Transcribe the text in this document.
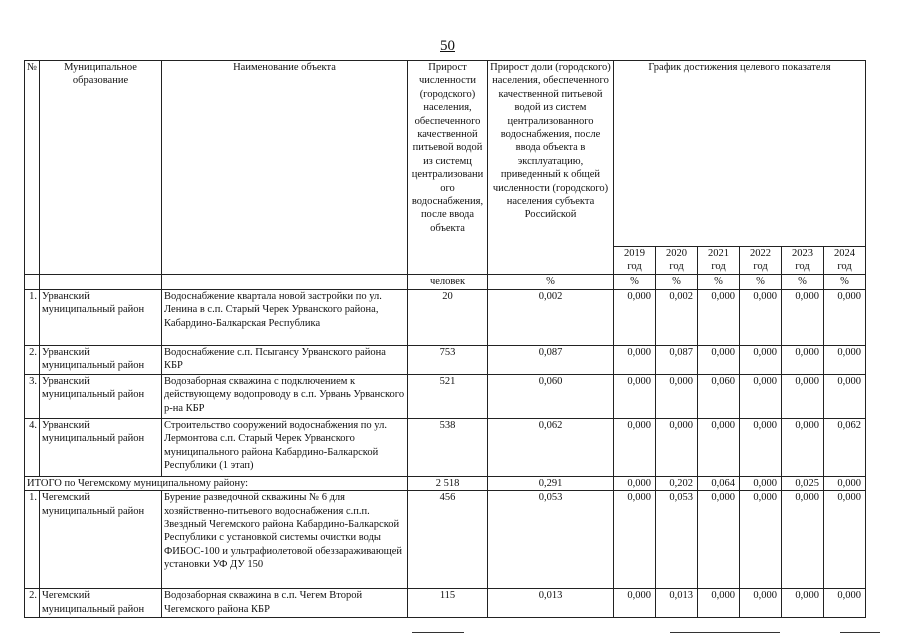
50
№	Муниципальное образование	Наименование объекта	Прирост численности (городского) населения, обеспеченного качественной питьевой водой из системц централизовани ого водоснабжения, после ввода объекта	Прирост доли (городского) населения, обеспеченного качественной питьевой водой из систем централизованного водоснабжения, после ввода объекта в эксплуатацию, приведенный к общей численности (городского) населения субъекта Российской	График достижения целевого показателя					
					2019 год	2020 год	2021 год	2022 год	2023 год	2024 год
			человек	%	%	%	%	%	%	%
1.	Урванский муниципальный район	Водоснабжение квартала новой застройки по ул. Ленина в с.п. Старый Черек Урванского района, Кабардино-Балкарская Республика	20	0,002	0,000	0,002	0,000	0,000	0,000	0,000
2.	Урванский муниципальный район	Водоснабжение с.п. Псыгансу Урванского района КБР	753	0,087	0,000	0,087	0,000	0,000	0,000	0,000
3.	Урванский муниципальный район	Водозаборная скважина с подключением к действующему водопроводу в с.п. Урвань Урванского р-на КБР	521	0,060	0,000	0,000	0,060	0,000	0,000	0,000
4.	Урванский муниципальный район	Строительство сооружений водоснабжения по ул. Лермонтова с.п. Старый Черек Урванского муниципального района Кабардино-Балкарской Республики (1 этап)	538	0,062	0,000	0,000	0,000	0,000	0,000	0,062
ИТОГО по Чегемскому муниципальному району:			2 518	0,291	0,000	0,202	0,064	0,000	0,025	0,000
1.	Чегемский муниципальный район	Бурение разведочной скважины № 6 для хозяйственно-питьевого водоснабжения с.п.п. Звездный Чегемского района Кабардино-Балкарской Республики с установкой системы очистки воды ФИБОС-100 и ультрафиолетовой обеззараживающей установки УФ ДУ 150	456	0,053	0,000	0,053	0,000	0,000	0,000	0,000
2.	Чегемский муниципальный район	Водозаборная скважина в с.п. Чегем Второй Чегемского района КБР	115	0,013	0,000	0,013	0,000	0,000	0,000	0,000
